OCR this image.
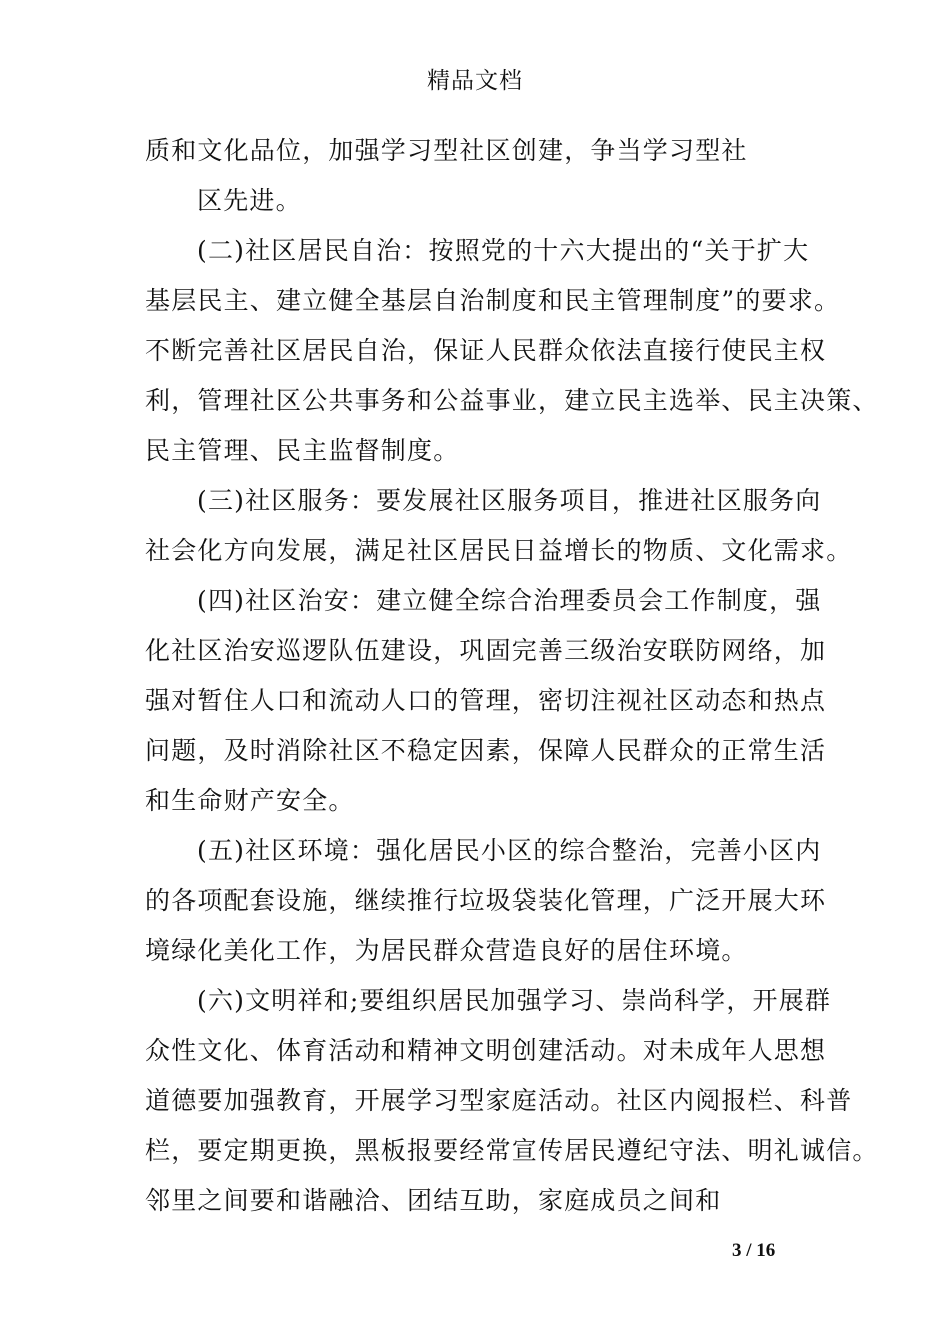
精品文档
质和文化品位，加强学习型社区创建，争当学习型社
区先进。
(二)社区居民自治：按照党的十六大提出的“关于扩大
基层民主、建立健全基层自治制度和民主管理制度”的要求。
不断完善社区居民自治，保证人民群众依法直接行使民主权
利，管理社区公共事务和公益事业，建立民主选举、民主决策、
民主管理、民主监督制度。
(三)社区服务：要发展社区服务项目，推进社区服务向
社会化方向发展，满足社区居民日益增长的物质、文化需求。
(四)社区治安：建立健全综合治理委员会工作制度，强
化社区治安巡逻队伍建设，巩固完善三级治安联防网络，加
强对暂住人口和流动人口的管理，密切注视社区动态和热点
问题，及时消除社区不稳定因素，保障人民群众的正常生活
和生命财产安全。
(五)社区环境：强化居民小区的综合整治，完善小区内
的各项配套设施，继续推行垃圾袋装化管理，广泛开展大环
境绿化美化工作，为居民群众营造良好的居住环境。
(六)文明祥和;要组织居民加强学习、崇尚科学，开展群
众性文化、体育活动和精神文明创建活动。对未成年人思想
道德要加强教育，开展学习型家庭活动。社区内阅报栏、科普
栏，要定期更换，黑板报要经常宣传居民遵纪守法、明礼诚信。
邻里之间要和谐融洽、团结互助，家庭成员之间和
3 / 16
